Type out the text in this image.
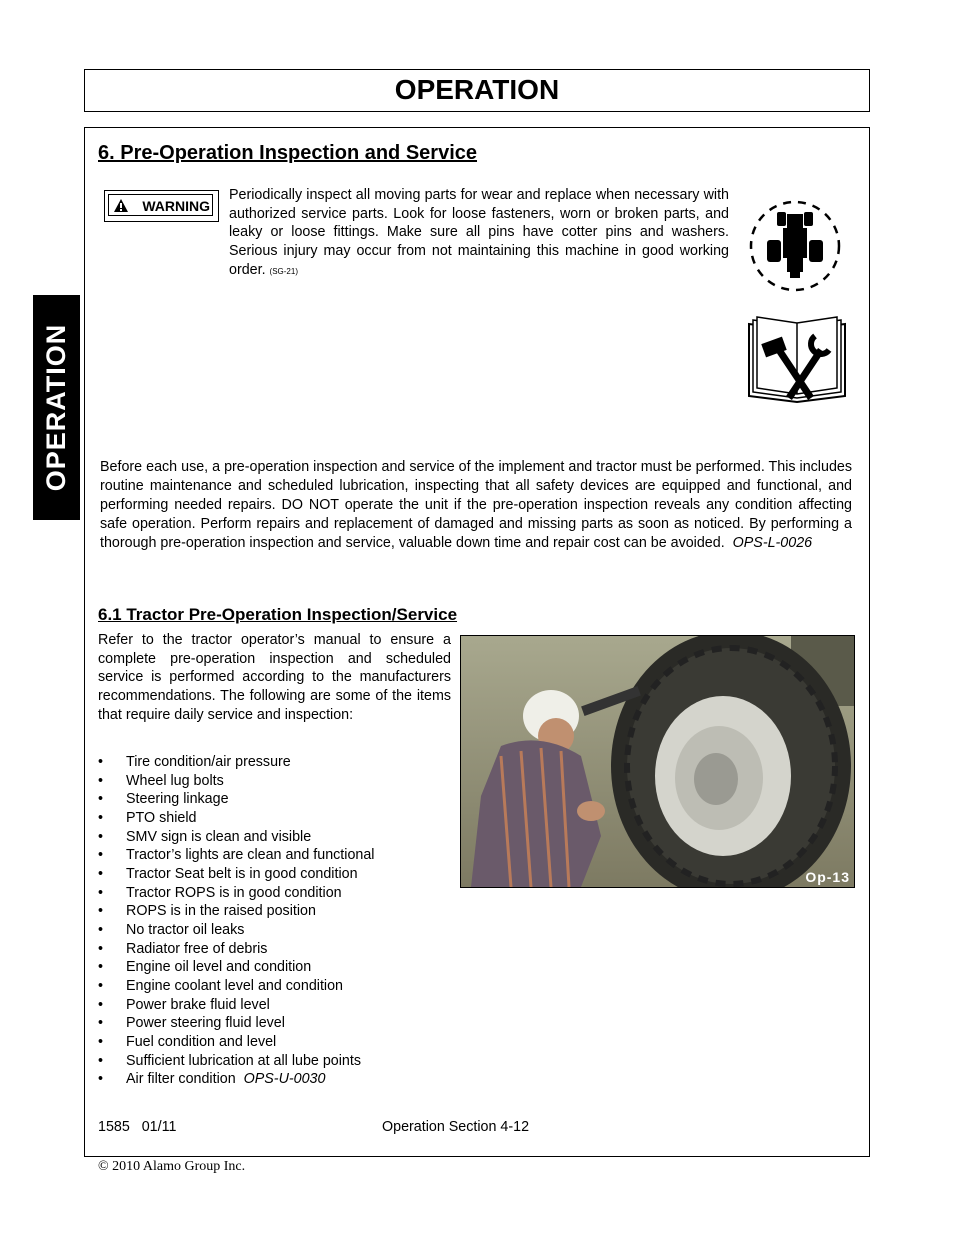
OPERATION
OPERATION
6. Pre-Operation Inspection and Service
WARNING
Periodically inspect all moving parts for wear and replace when necessary with authorized service parts. Look for loose fasteners, worn or broken parts, and leaky or loose fittings. Make sure all pins have cotter pins and washers. Serious injury may occur from not maintaining this machine in good working order. (SG-21)
Before each use, a pre-operation inspection and service of the implement and tractor must be performed. This includes routine maintenance and scheduled lubrication, inspecting that all safety devices are equipped and functional, and performing needed repairs. DO NOT operate the unit if the pre-operation inspection reveals any condition affecting safe operation. Perform repairs and replacement of damaged and missing parts as soon as noticed. By performing a thorough pre-operation inspection and service, valuable down time and repair cost can be avoided. OPS-L-0026
6.1 Tractor Pre-Operation Inspection/Service
Refer to the tractor operator’s manual to ensure a complete pre-operation inspection and scheduled service is performed according to the manufacturers recommendations. The following are some of the items that require daily service and inspection:
• Tire condition/air pressure
• Wheel lug bolts
• Steering linkage
• PTO shield
• SMV sign is clean and visible
• Tractor’s lights are clean and functional
• Tractor Seat belt is in good condition
• Tractor ROPS is in good condition
• ROPS is in the raised position
• No tractor oil leaks
• Radiator free of debris
• Engine oil level and condition
• Engine coolant level and condition
• Power brake fluid level
• Power steering fluid level
• Fuel condition and level
• Sufficient lubrication at all lube points
• Air filter condition OPS-U-0030
Op-13
1585   01/11	Operation Section 4-12
© 2010 Alamo Group Inc.
